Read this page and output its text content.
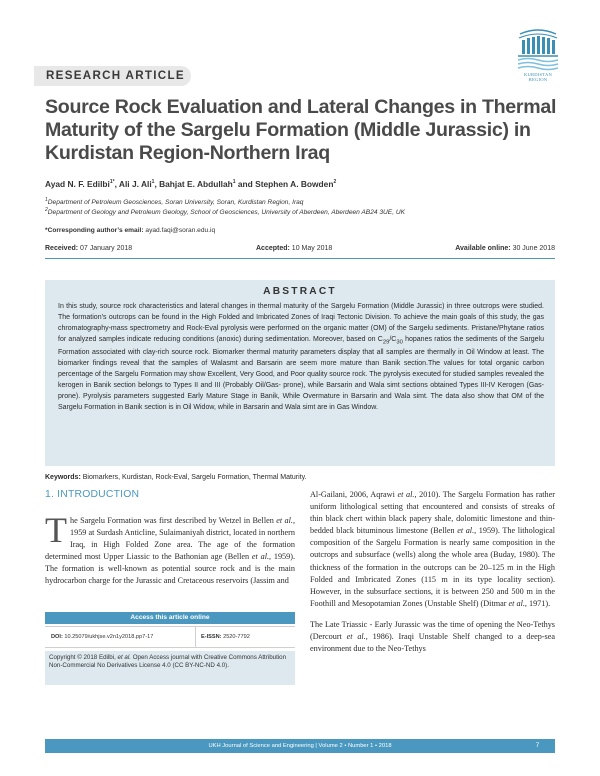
KURDISTAN
REGION
RESEARCH ARTICLE
Source Rock Evaluation and Lateral Changes in Thermal Maturity of the Sargelu Formation (Middle Jurassic) in Kurdistan Region-Northern Iraq
Ayad N. F. Edilbi$^{1*}$, Ali J. Ali$^1$, Bahjat E. Abdullah$^1$ and Stephen A. Bowden$^2$
$^1$Department of Petroleum Geosciences, Soran University, Soran, Kurdistan Region, Iraq
$^2$Department of Geology and Petroleum Geology, School of Geosciences, University of Aberdeen, Aberdeen AB24 3UE, UK
*Corresponding author’s email: ayad.faqi@soran.edu.iq
Received: 07 January 2018	Accepted: 10 May 2018	Available online: 30 June 2018
ABSTRACT
In this study, source rock characteristics and lateral changes in thermal maturity of the Sargelu Formation (Middle Jurassic) in three outcrops were studied. The formation’s outcrops can be found in the High Folded and Imbricated Zones of Iraqi Tectonic Division. To achieve the main goals of this study, the gas chromatography-mass spectrometry and Rock-Eval pyrolysis were performed on the organic matter (OM) of the Sargelu sediments. Pristane/Phytane ratios for analyzed samples indicate reducing conditions (anoxic) during sedimentation. Moreover, based on $C_{29}/C_{30}$ hopanes ratios the sediments of the Sargelu Formation associated with clay-rich source rock. Biomarker thermal maturity parameters display that all samples are thermally in Oil Window at least. The biomarker findings reveal that the samples of Walasmt and Barsarin are seem more mature than Banik section.The values for total organic carbon percentage of the Sargelu Formation may show Excellent, Very Good, and Poor quality source rock. The pyrolysis executed for studied samples revealed the kerogen in Banik section belongs to Types II and III (Probably Oil/Gas- prone), while Barsarin and Wala simt sections obtained Types III-IV Kerogen (Gas-prone). Pyrolysis parameters suggested Early Mature Stage in Banik, While Overmature in Barsarin and Wala simt. The data also show that OM of the Sargelu Formation in Banik section is in Oil Widow, while in Barsarin and Wala simt are in Gas Window.
Keywords: Biomarkers, Kurdistan, Rock-Eval, Sargelu Formation, Thermal Maturity.
1. INTRODUCTION
The Sargelu Formation was first described by Wetzel in Bellen et al., 1959 at Surdash Anticline, Sulaimaniyah district, located in northern Iraq, in High Folded Zone area. The age of the formation determined most Upper Liassic to the Bathonian age (Bellen et al., 1959). The formation is well-known as potential source rock and is the main hydrocarbon charge for the Jurassic and Cretaceous reservoirs (Jassim and
Access this article online
DOI: 10.25079/ukhjse.v2n1y2018.pp7-17	E-ISSN: 2520-7792
Copyright © 2018 Edilbi, et al. Open Access journal with Creative Commons Attribution Non-Commercial No Derivatives License 4.0 (CC BY-NC-ND 4.0).
Al-Gailani, 2006, Aqrawi et al., 2010). The Sargelu Formation has rather uniform lithological setting that encountered and consists of streaks of thin black chert within black papery shale, dolomitic limestone and thin-bedded black bituminous limestone (Bellen et al., 1959). The lithological composition of the Sargelu Formation is nearly same composition in the outcrops and subsurface (wells) along the whole area (Buday, 1980). The thickness of the formation in the outcrops can be 20–125 m in the High Folded and Imbricated Zones (115 m in its type locality section). However, in the subsurface sections, it is between 250 and 500 m in the Foothill and Mesopotamian Zones (Unstable Shelf) (Ditmar et al., 1971).
The Late Triassic - Early Jurassic was the time of opening the Neo-Tethys (Dercourt et al., 1986). Iraqi Unstable Shelf changed to a deep-sea environment due to the Neo-Tethys
UKH Journal of Science and Engineering | Volume 2 • Number 1 • 2018	7
